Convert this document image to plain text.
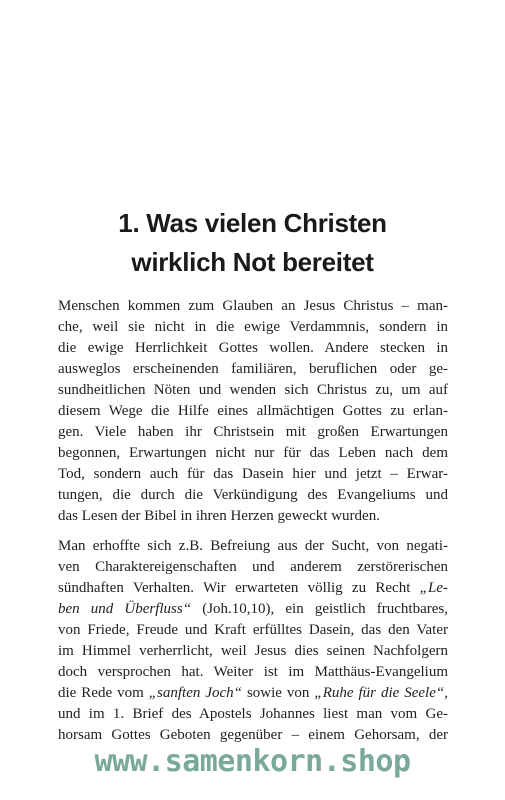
1. Was vielen Christen
wirklich Not bereitet

Menschen kommen zum Glauben an Jesus Christus – man-
che, weil sie nicht in die ewige Verdammnis, sondern in
die ewige Herrlichkeit Gottes wollen. Andere stecken in
ausweglos erscheinenden familiären, beruflichen oder ge-
sundheitlichen Nöten und wenden sich Christus zu, um auf
diesem Wege die Hilfe eines allmächtigen Gottes zu erlan-
gen. Viele haben ihr Christsein mit großen Erwartungen
begonnen, Erwartungen nicht nur für das Leben nach dem
Tod, sondern auch für das Dasein hier und jetzt – Erwar-
tungen, die durch die Verkündigung des Evangeliums und
das Lesen der Bibel in ihren Herzen geweckt wurden.

Man erhoffte sich z.B. Befreiung aus der Sucht, von negati-
ven Charaktereigenschaften und anderem zerstörerischen
sündhaften Verhalten. Wir erwarteten völlig zu Recht „Le-
ben und Überfluss“ (Joh.10,10), ein geistlich fruchtbares,
von Friede, Freude und Kraft erfülltes Dasein, das den Vater
im Himmel verherrlicht, weil Jesus dies seinen Nachfolgern
doch versprochen hat. Weiter ist im Matthäus-Evangelium
die Rede vom „sanften Joch“ sowie von „Ruhe für die Seele“,
und im 1. Brief des Apostels Johannes liest man vom Ge-
horsam Gottes Geboten gegenüber – einem Gehorsam, der

www.samenkorn.shop
